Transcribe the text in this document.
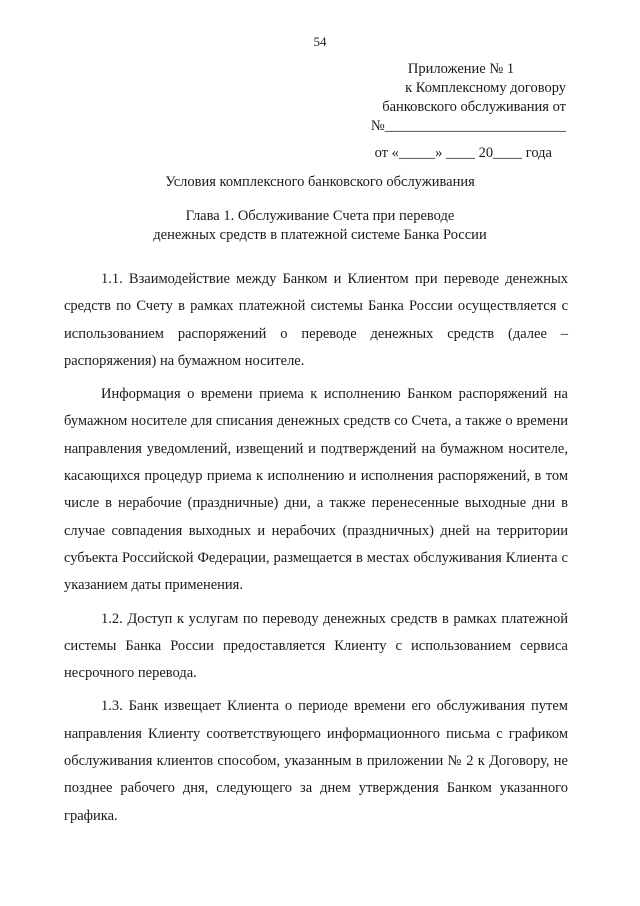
54
Приложение № 1
к Комплексному договору
банковского обслуживания от
№_________________________
от «_____» ____ 20____ года
Условия комплексного банковского обслуживания
Глава 1. Обслуживание Счета при переводе
денежных средств в платежной системе Банка России

1.1. Взаимодействие между Банком и Клиентом при переводе денежных средств по Счету в рамках платежной системы Банка России осуществляется с использованием распоряжений о переводе денежных средств (далее – распоряжения) на бумажном носителе.

Информация о времени приема к исполнению Банком распоряжений на бумажном носителе для списания денежных средств со Счета, а также о времени направления уведомлений, извещений и подтверждений на бумажном носителе, касающихся процедур приема к исполнению и исполнения распоряжений, в том числе в нерабочие (праздничные) дни, а также перенесенные выходные дни в случае совпадения выходных и нерабочих (праздничных) дней на территории субъекта Российской Федерации, размещается в местах обслуживания Клиента с указанием даты применения.

1.2. Доступ к услугам по переводу денежных средств в рамках платежной системы Банка России предоставляется Клиенту с использованием сервиса несрочного перевода.

1.3. Банк извещает Клиента о периоде времени его обслуживания путем направления Клиенту соответствующего информационного письма с графиком обслуживания клиентов способом, указанным в приложении № 2 к Договору, не позднее рабочего дня, следующего за днем утверждения Банком указанного графика.
